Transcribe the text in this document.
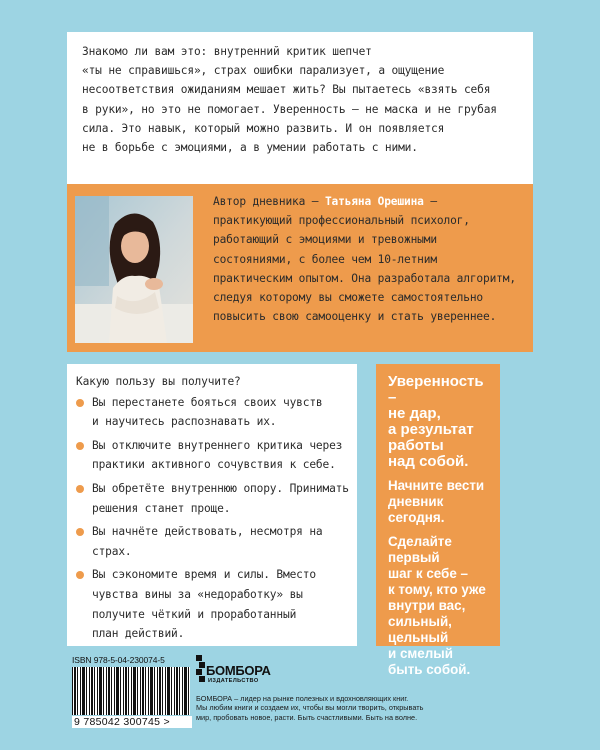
Знакомо ли вам это: внутренний критик шепчет

«ты не справишься», страх ошибки парализует, а ощущение

несоответствия ожиданиям мешает жить? Вы пытаетесь «взять себя

в руки», но это не помогает. Уверенность – не маска и не грубая

сила. Это навык, который можно развить. И он появляется

не в борьбе с эмоциями, а в умении работать с ними.

Автор дневника – Татьяна Орешина –
практикующий профессиональный психолог,
работающий с эмоциями и тревожными
состояниями, с более чем 10-летним
практическим опытом. Она разработала алгоритм,
следуя которому вы сможете самостоятельно
повысить свою самооценку и стать увереннее.
Какую пользу вы получите?
Вы перестанете бояться своих чувств
и научитесь распознавать их.
Вы отключите внутреннего критика через
практики активного сочувствия к себе.
Вы обретёте внутреннюю опору. Принимать
решения станет проще.
Вы начнёте действовать, несмотря на страх.
Вы сэкономите время и силы. Вместо
чувства вины за «недоработку» вы
получите чёткий и проработанный
план действий.
Уверенность –
не дар,
а результат
работы
над собой.
Начните вести
дневник сегодня.
Сделайте первый
шаг к себе –
к тому, кто уже
внутри вас,
сильный,
цельный
и смелый
быть собой.
ISBN 978-5-04-230074-5
9 785042 300745 >
БОМБОРА
ИЗДАТЕЛЬСТВО
БОМБОРА – лидер на рынке полезных и вдохновляющих книг.
Мы любим книги и создаем их, чтобы вы могли творить, открывать
мир, пробовать новое, расти. Быть счастливыми. Быть на волне.
